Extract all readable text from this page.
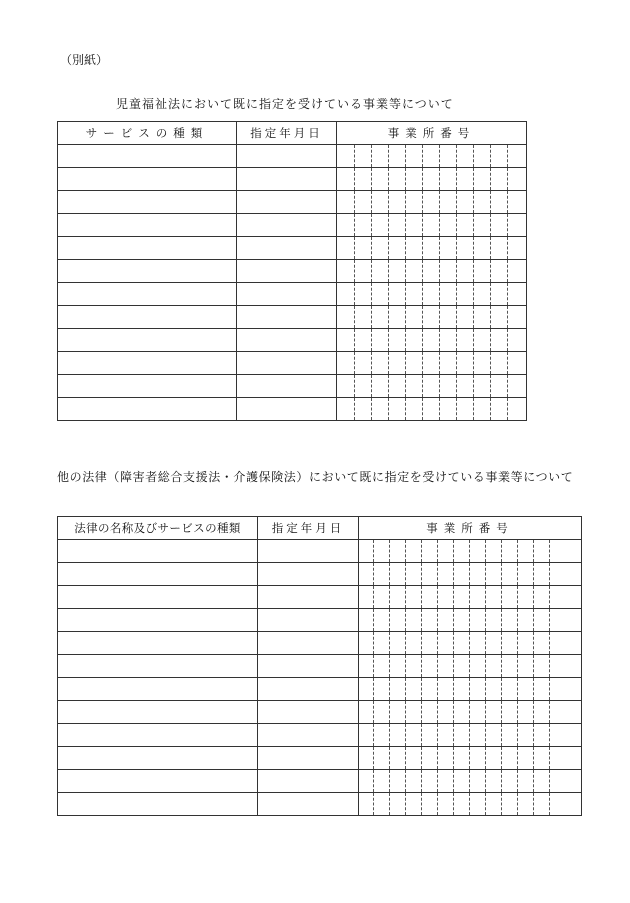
（別紙）
児童福祉法において既に指定を受けている事業等について
サービスの種類	指定年月日	事業所番号

他の法律（障害者総合支援法・介護保険法）において既に指定を受けている事業等について
法律の名称及びサービスの種類	指定年月日	事業所番号
